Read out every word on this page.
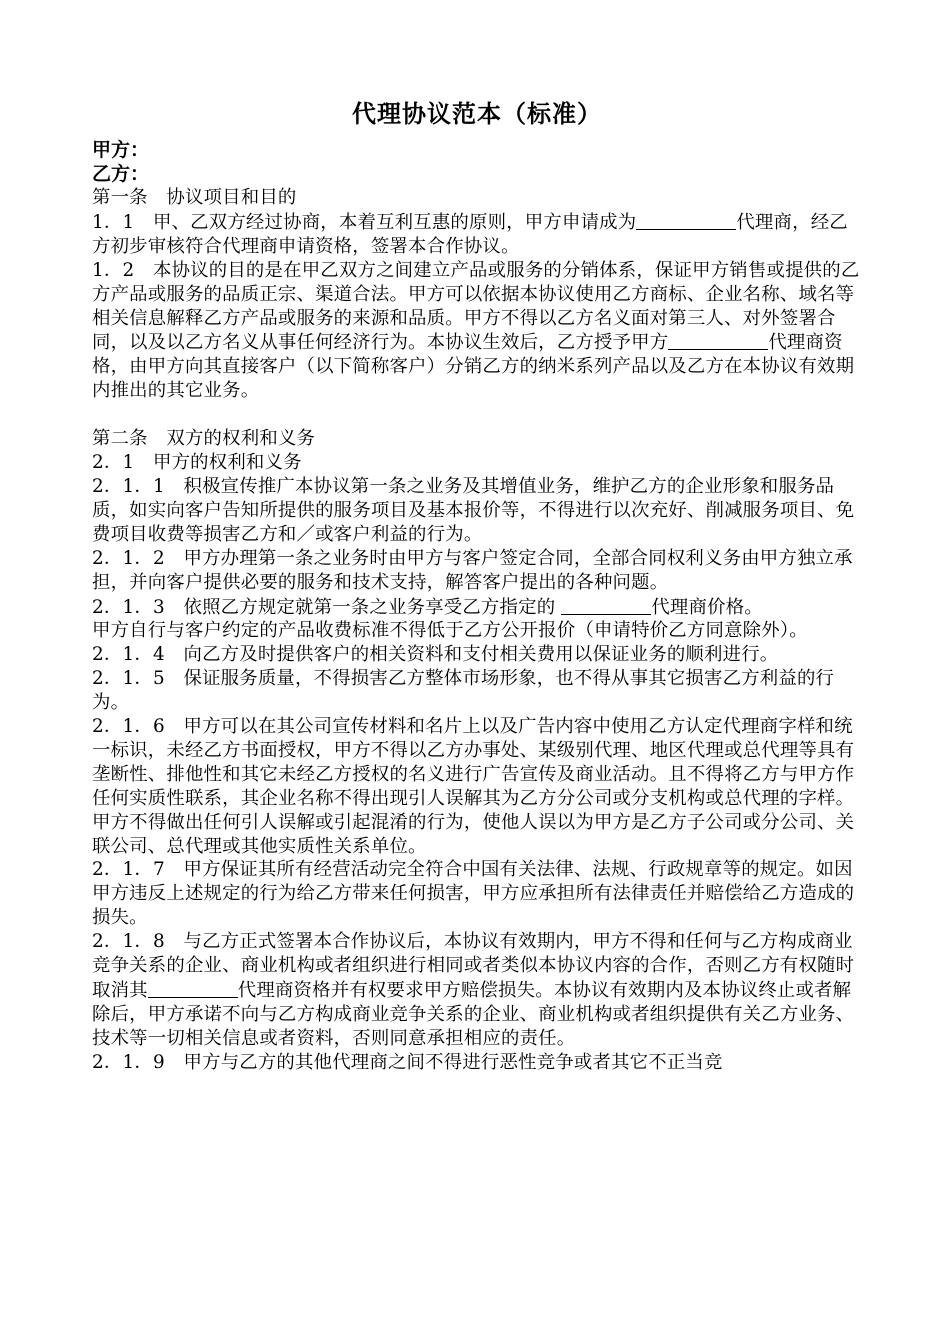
代理协议范本（标准）
甲方：
乙方：
第一条　协议项目和目的
1．1　甲、乙双方经过协商，本着互利互惠的原则，甲方申请成为	代理商，经乙方初步审核符合代理商申请资格，签署本合作协议。
1．2　本协议的目的是在甲乙双方之间建立产品或服务的分销体系，保证甲方销售或提供的乙方产品或服务的品质正宗、渠道合法。甲方可以依据本协议使用乙方商标、企业名称、域名等相关信息解释乙方产品或服务的来源和品质。甲方不得以乙方名义面对第三人、对外签署合同，以及以乙方名义从事任何经济行为。本协议生效后，乙方授予甲方	代理商资格，由甲方向其直接客户（以下简称客户）分销乙方的纳米系列产品以及乙方在本协议有效期内推出的其它业务。
第二条　双方的权利和义务
2．1　甲方的权利和义务
2．1．1　积极宣传推广本协议第一条之业务及其增值业务，维护乙方的企业形象和服务品质，如实向客户告知所提供的服务项目及基本报价等，不得进行以次充好、削减服务项目、免费项目收费等损害乙方和／或客户利益的行为。
2．1．2　甲方办理第一条之业务时由甲方与客户签定合同，全部合同权利义务由甲方独立承担，并向客户提供必要的服务和技术支持，解答客户提出的各种问题。
2．1．3　依照乙方规定就第一条之业务享受乙方指定的	代理商价格。
甲方自行与客户约定的产品收费标准不得低于乙方公开报价（申请特价乙方同意除外）。
2．1．4　向乙方及时提供客户的相关资料和支付相关费用以保证业务的顺利进行。
2．1．5　保证服务质量，不得损害乙方整体市场形象，也不得从事其它损害乙方利益的行为。
2．1．6　甲方可以在其公司宣传材料和名片上以及广告内容中使用乙方认定代理商字样和统一标识，未经乙方书面授权，甲方不得以乙方办事处、某级别代理、地区代理或总代理等具有垄断性、排他性和其它未经乙方授权的名义进行广告宣传及商业活动。且不得将乙方与甲方作任何实质性联系，其企业名称不得出现引人误解其为乙方分公司或分支机构或总代理的字样。甲方不得做出任何引人误解或引起混淆的行为，使他人误以为甲方是乙方子公司或分公司、关联公司、总代理或其他实质性关系单位。
2．1．7　甲方保证其所有经营活动完全符合中国有关法律、法规、行政规章等的规定。如因甲方违反上述规定的行为给乙方带来任何损害，甲方应承担所有法律责任并赔偿给乙方造成的损失。
2．1．8　与乙方正式签署本合作协议后，本协议有效期内，甲方不得和任何与乙方构成商业竞争关系的企业、商业机构或者组织进行相同或者类似本协议内容的合作，否则乙方有权随时取消其	代理商资格并有权要求甲方赔偿损失。本协议有效期内及本协议终止或者解除后，甲方承诺不向与乙方构成商业竞争关系的企业、商业机构或者组织提供有关乙方业务、技术等一切相关信息或者资料，否则同意承担相应的责任。
2．1．9　甲方与乙方的其他代理商之间不得进行恶性竞争或者其它不正当竞
